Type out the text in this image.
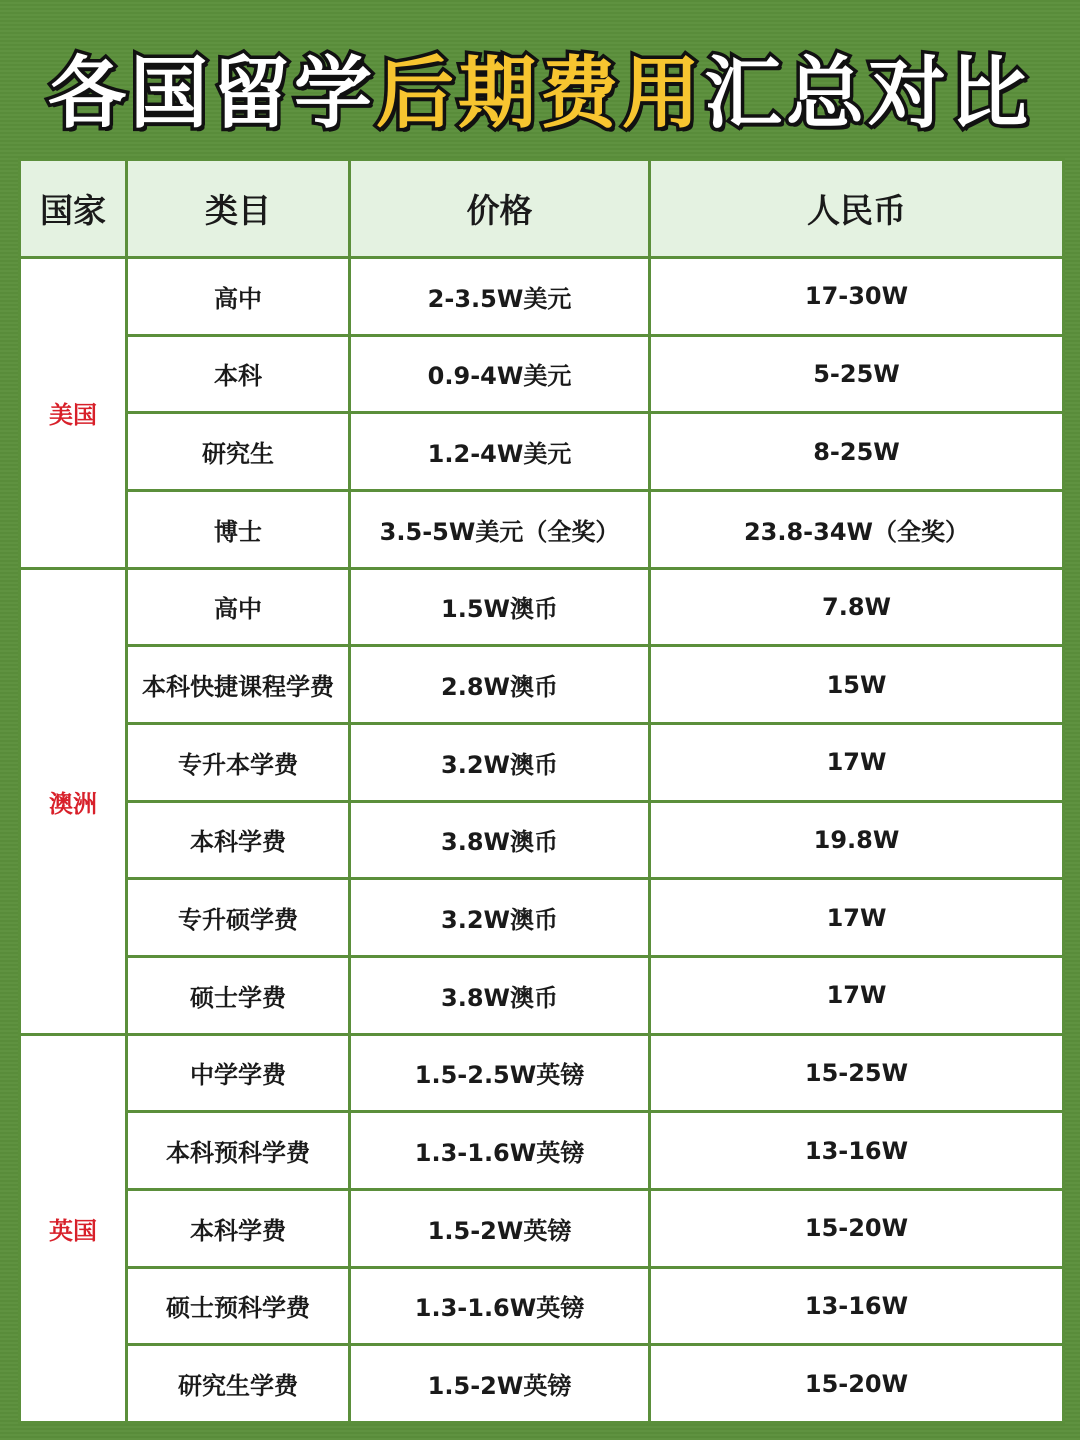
各国留学 后期费用 汇总对比
国家	类目	价格	人民币
美国	高中	2-3.5W美元	17-30W
	本科	0.9-4W美元	5-25W
	研究生	1.2-4W美元	8-25W
	博士	3.5-5W美元（全奖）	23.8-34W（全奖）
澳洲	高中	1.5W澳币	7.8W
	本科快捷课程学费	2.8W澳币	15W
	专升本学费	3.2W澳币	17W
	本科学费	3.8W澳币	19.8W
	专升硕学费	3.2W澳币	17W
	硕士学费	3.8W澳币	17W
英国	中学学费	1.5-2.5W英镑	15-25W
	本科预科学费	1.3-1.6W英镑	13-16W
	本科学费	1.5-2W英镑	15-20W
	硕士预科学费	1.3-1.6W英镑	13-16W
	研究生学费	1.5-2W英镑	15-20W
